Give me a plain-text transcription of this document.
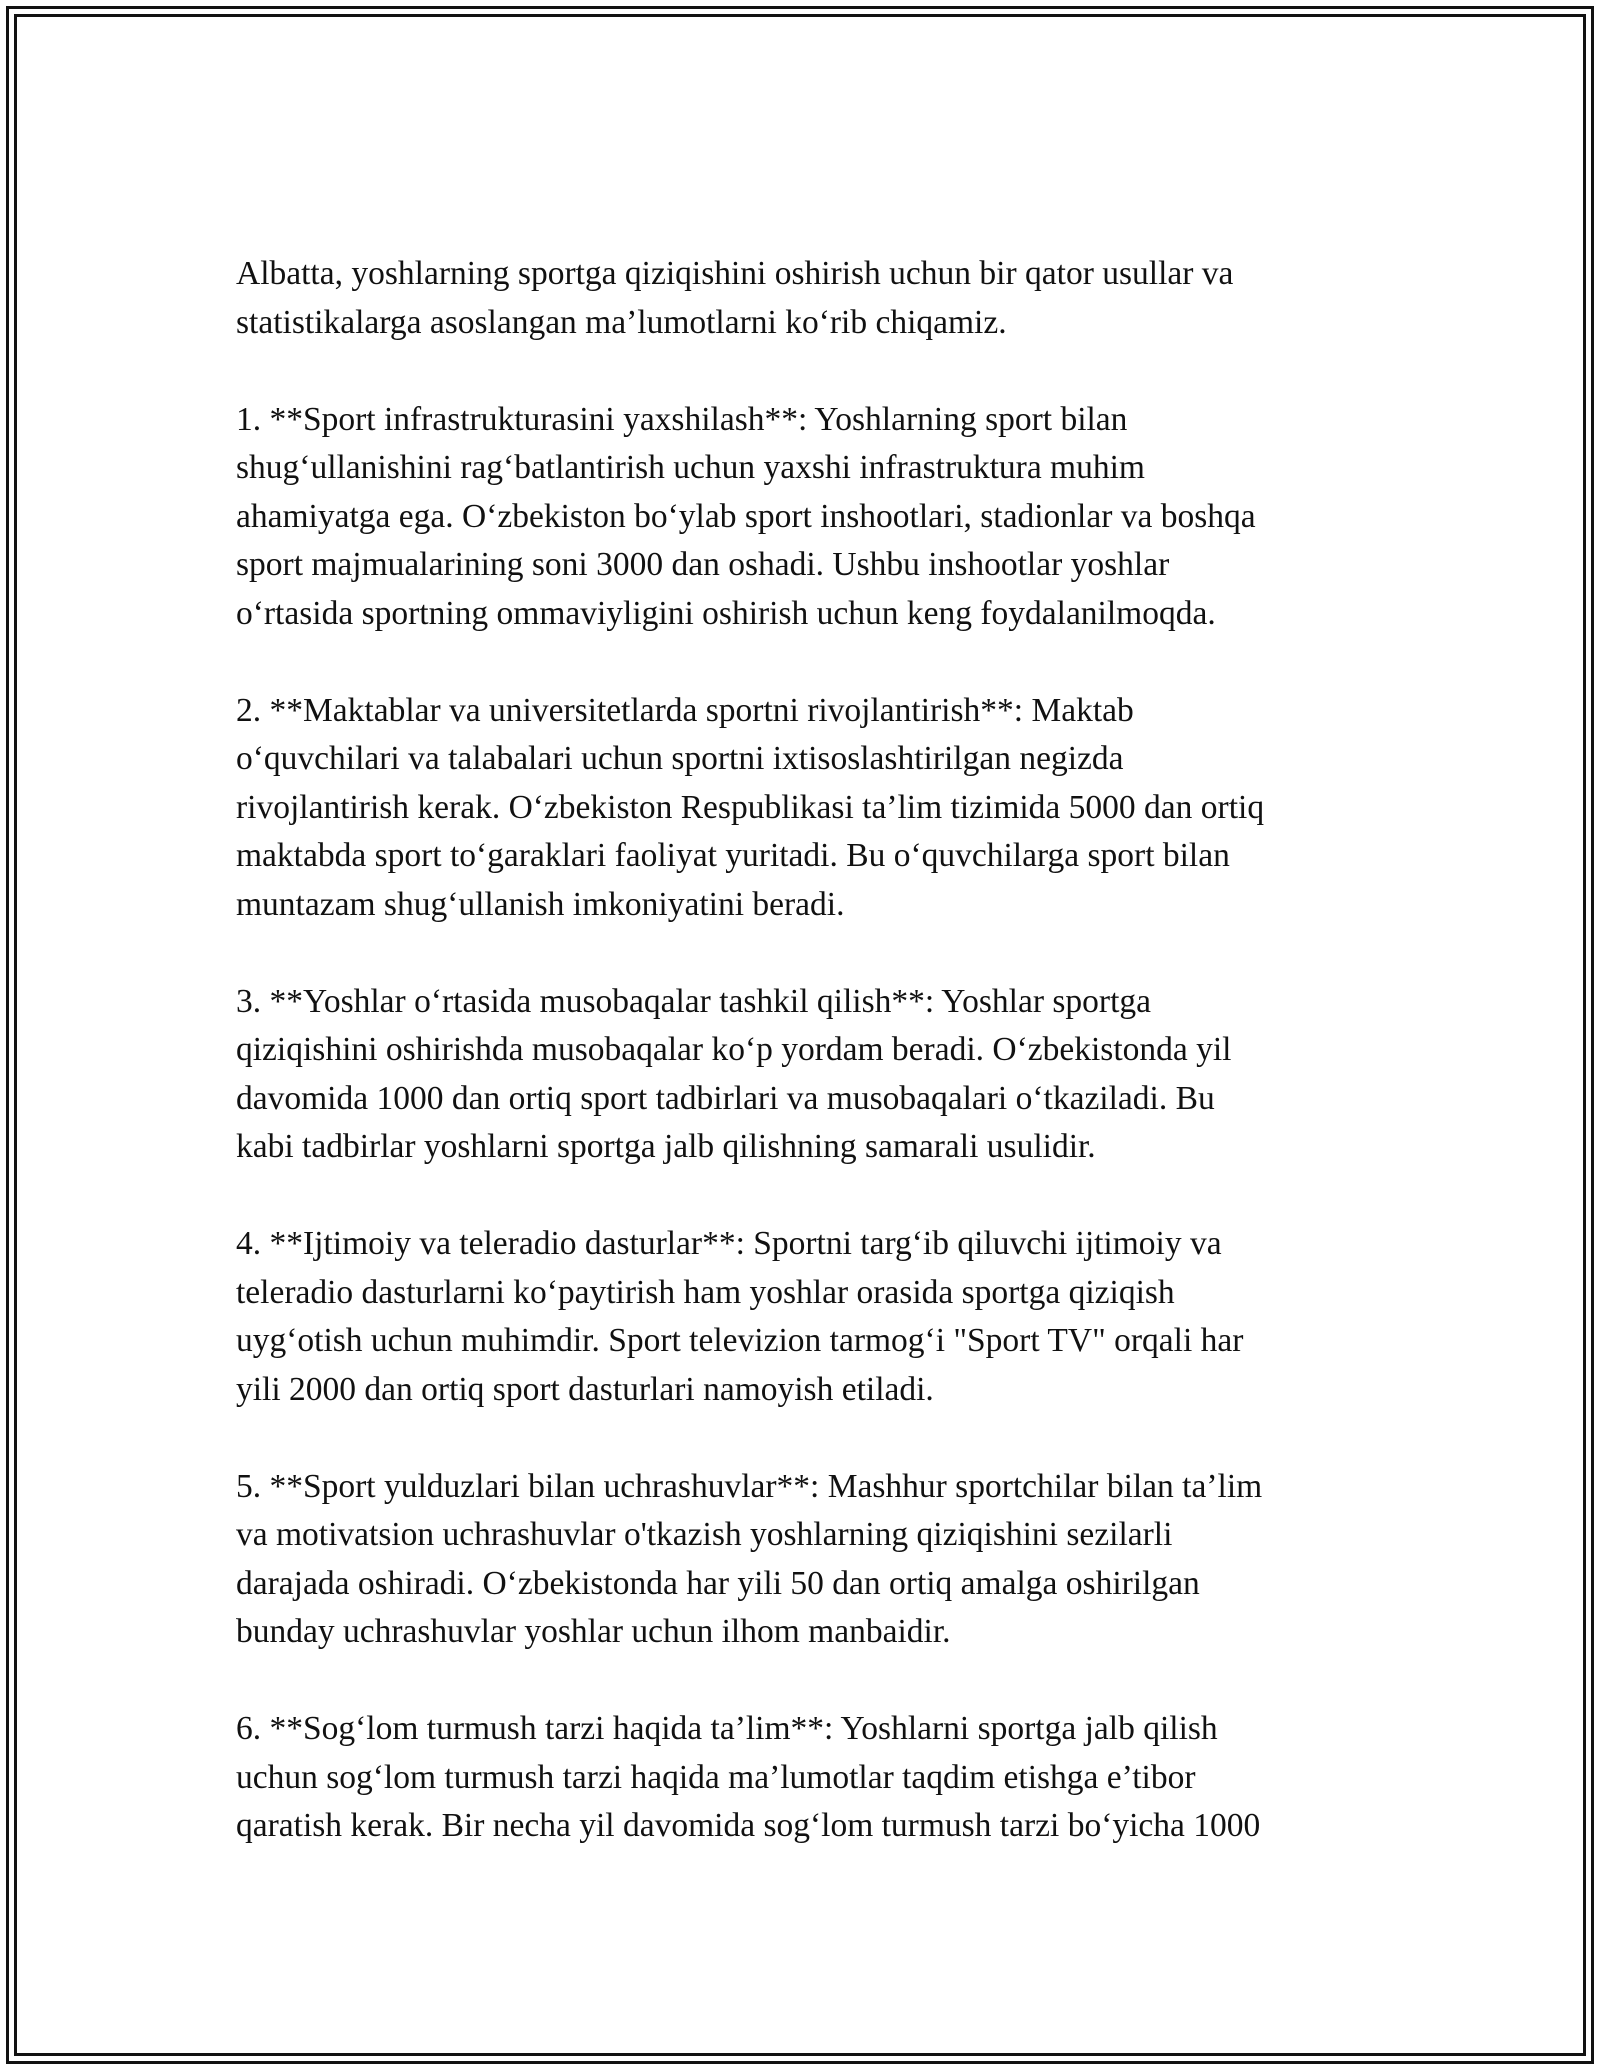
Albatta, yoshlarning sportga qiziqishini oshirish uchun bir qator usullar va
statistikalarga asoslangan ma’lumotlarni ko‘rib chiqamiz.

1. **Sport infrastrukturasini yaxshilash**: Yoshlarning sport bilan
shug‘ullanishini rag‘batlantirish uchun yaxshi infrastruktura muhim
ahamiyatga ega. O‘zbekiston bo‘ylab sport inshootlari, stadionlar va boshqa
sport majmualarining soni 3000 dan oshadi. Ushbu inshootlar yoshlar
o‘rtasida sportning ommaviyligini oshirish uchun keng foydalanilmoqda.

2. **Maktablar va universitetlarda sportni rivojlantirish**: Maktab
o‘quvchilari va talabalari uchun sportni ixtisoslashtirilgan negizda
rivojlantirish kerak. O‘zbekiston Respublikasi ta’lim tizimida 5000 dan ortiq
maktabda sport to‘garaklari faoliyat yuritadi. Bu o‘quvchilarga sport bilan
muntazam shug‘ullanish imkoniyatini beradi.

3. **Yoshlar o‘rtasida musobaqalar tashkil qilish**: Yoshlar sportga
qiziqishini oshirishda musobaqalar ko‘p yordam beradi. O‘zbekistonda yil
davomida 1000 dan ortiq sport tadbirlari va musobaqalari o‘tkaziladi. Bu
kabi tadbirlar yoshlarni sportga jalb qilishning samarali usulidir.

4. **Ijtimoiy va teleradio dasturlar**: Sportni targ‘ib qiluvchi ijtimoiy va
teleradio dasturlarni ko‘paytirish ham yoshlar orasida sportga qiziqish
uyg‘otish uchun muhimdir. Sport televizion tarmog‘i "Sport TV" orqali har
yili 2000 dan ortiq sport dasturlari namoyish etiladi.

5. **Sport yulduzlari bilan uchrashuvlar**: Mashhur sportchilar bilan ta’lim
va motivatsion uchrashuvlar o'tkazish yoshlarning qiziqishini sezilarli
darajada oshiradi. O‘zbekistonda har yili 50 dan ortiq amalga oshirilgan
bunday uchrashuvlar yoshlar uchun ilhom manbaidir.

6. **Sog‘lom turmush tarzi haqida ta’lim**: Yoshlarni sportga jalb qilish
uchun sog‘lom turmush tarzi haqida ma’lumotlar taqdim etishga e’tibor
qaratish kerak. Bir necha yil davomida sog‘lom turmush tarzi bo‘yicha 1000
